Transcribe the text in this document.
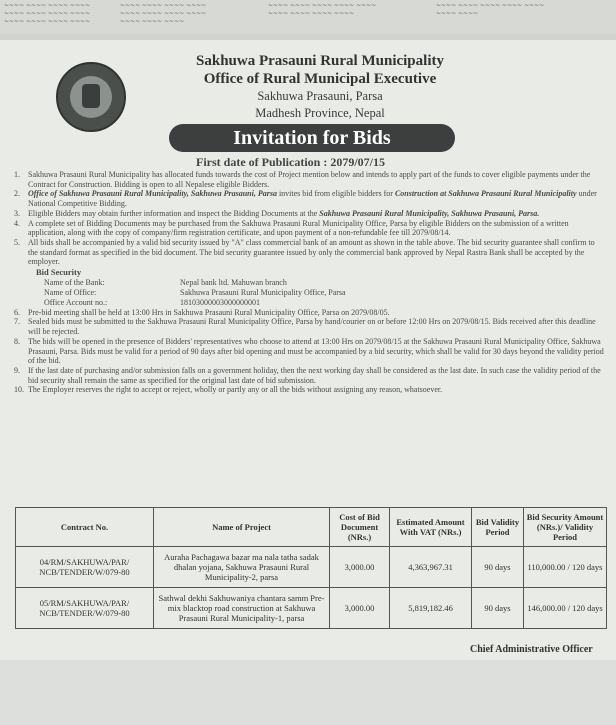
~~~~ ~~~~ ~~~~ ~~~~
~~~~ ~~~~ ~~~~ ~~~~
~~~~ ~~~~ ~~~~ ~~~~
~~~~ ~~~~ ~~~~ ~~~~
~~~~ ~~~~ ~~~~ ~~~~
~~~~ ~~~~ ~~~~
~~~~ ~~~~ ~~~~ ~~~~ ~~~~
~~~~ ~~~~ ~~~~ ~~~~
~~~~ ~~~~ ~~~~ ~~~~ ~~~~
~~~~ ~~~~
Sakhuwa Prasauni Rural Municipality
Office of Rural Municipal Executive
Sakhuwa Prasauni, Parsa
Madhesh Province, Nepal
Invitation for Bids
First date of Publication : 2079/07/15

1. Sakhuwa Prasauni Rural Municipality has allocated funds towards the cost of Project mention below and intends to apply part of the funds to cover eligible payments under the Contract for Construction. Bidding is open to all Nepalese eligible Bidders.

2. Office of Sakhuwa Prasauni Rural Municipality, Sakhuwa Prasauni, Parsa invites bid from eligible bidders for Construction at Sakhuwa Prasauni Rural Municipality under National Competitive Bidding.

3. Eligible Bidders may obtain further information and inspect the Bidding Documents at the Sakhuwa Prasauni Rural Municipality, Sakhuwa Prasauni, Parsa.

4. A complete set of Bidding Documents may be purchased from the Sakhuwa Prasauni Rural Municipality Office, Parsa by eligible Bidders on the submission of a written application, along with the copy of company/firm registration certificate, and upon payment of a non-refundable fee till 2079/08/14.

5. All bids shall be accompanied by a valid bid security issued by "A" class commercial bank of an amount as shown in the table above. The bid security guarantee shall confirm to the standard format as specified in the bid document. The bid security guarantee issued by only the commercial bank approved by Nepal Rastra Bank shall be accepted by the employer.

Bid Security
Name of the Bank:	Nepal bank ltd. Mahuwan branch
Name of Office:	Sakhuwa Prasauni Rural Municipality Office, Parsa
Office Account no.:	18103000003000000001

6. Pre-bid meeting shall be held at 13:00 Hrs in Sakhuwa Prasauni Rural Municipality Office, Parsa on 2079/08/05.

7. Sealed bids must be submitted to the Sakhuwa Prasauni Rural Municipality Office, Parsa by hand/courier on or before 12:00 Hrs on 2079/08/15. Bids received after this deadline will be rejected.

8. The bids will be opened in the presence of Bidders' representatives who choose to attend at 13:00 Hrs on 2079/08/15 at the Sakhuwa Prasauni Rural Municipality Office, Sakhuwa Prasauni, Parsa. Bids must be valid for a period of 90 days after bid opening and must be accompanied by a bid security, which shall be valid for 30 days beyond the validity period of the bid.

9. If the last date of purchasing and/or submission falls on a government holiday, then the next working day shall be considered as the last date. In such case the validity period of the bid security shall remain the same as specified for the original last date of bid submission.

10. The Employer reserves the right to accept or reject, wholly or partly any or all the bids without assigning any reason, whatsoever.

Contract No.	Name of Project	Cost of Bid Document (NRs.)	Estimated Amount With VAT (NRs.)	Bid Validity Period	Bid Security Amount (NRs.)/ Validity Period
04/RM/SAKHUWA/PAR/ NCB/TENDER/W/079-80	Auraha Pachagawa bazar ma nala tatha sadak dhalan yojana, Sakhuwa Prasauni Rural Municipality-2, parsa	3,000.00	4,363,967.31	90 days	110,000.00 / 120 days
05/RM/SAKHUWA/PAR/ NCB/TENDER/W/079-80	Sathwal dekhi Sakhuwaniya chantara samm Pre-mix blacktop road construction at Sakhuwa Prasauni Rural Municipality-1, parsa	3,000.00	5,819,182.46	90 days	146,000.00 / 120 days
Chief Administrative Officer
